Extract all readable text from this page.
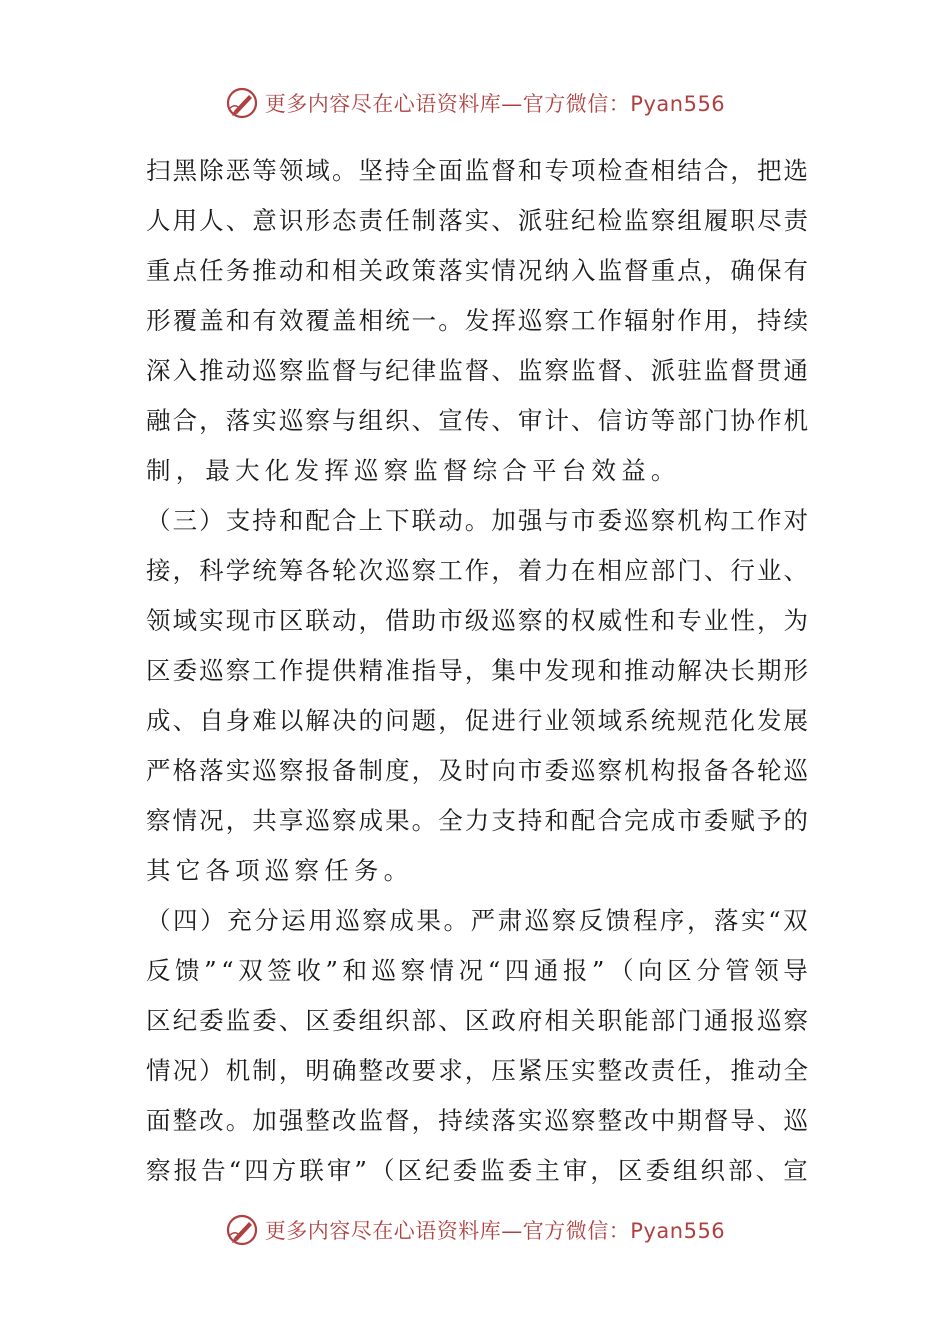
更多内容尽在心语资料库—官方微信：Pyan556
扫 黑 除 恶 等 领 域 。 坚 持 全 面 监 督 和 专 项 检 查 相 结 合 ， 把 选
人 用 人 、 意 识 形 态 责 任 制 落 实 、 派 驻 纪 检 监 察 组 履 职 尽 责
重 点 任 务 推 动 和 相 关 政 策 落 实 情 况 纳 入 监 督 重 点 ， 确 保 有
形 覆 盖 和 有 效 覆 盖 相 统 一 。 发 挥 巡 察 工 作 辐 射 作 用 ， 持 续
深 入 推 动 巡 察 监 督 与 纪 律 监 督 、 监 察 监 督 、 派 驻 监 督 贯 通
融 合 ， 落 实 巡 察 与 组 织 、 宣 传 、 审 计 、 信 访 等 部 门 协 作 机
制，最大化发挥巡察监督综合平台效益。
（ 三 ） 支 持 和 配 合 上 下 联 动 。 加 强 与 市 委 巡 察 机 构 工 作 对
接 ， 科 学 统 筹 各 轮 次 巡 察 工 作 ， 着 力 在 相 应 部 门 、 行 业 、
领 域 实 现 市 区 联 动 ， 借 助 市 级 巡 察 的 权 威 性 和 专 业 性 ， 为
区 委 巡 察 工 作 提 供 精 准 指 导 ， 集 中 发 现 和 推 动 解 决 长 期 形
成 、 自 身 难 以 解 决 的 问 题 ， 促 进 行 业 领 域 系 统 规 范 化 发 展
严 格 落 实 巡 察 报 备 制 度 ， 及 时 向 市 委 巡 察 机 构 报 备 各 轮 巡
察 情 况 ， 共 享 巡 察 成 果 。 全 力 支 持 和 配 合 完 成 市 委 赋 予 的
其它各项巡察任务。
（ 四 ） 充 分 运 用 巡 察 成 果 。 严 肃 巡 察 反 馈 程 序 ， 落 实 “ 双
反 馈 ” “ 双 签 收 ” 和 巡 察 情 况 “ 四 通 报 ” （ 向 区 分 管 领 导
区 纪 委 监 委 、 区 委 组 织 部 、 区 政 府 相 关 职 能 部 门 通 报 巡 察
情 况 ） 机 制 ， 明 确 整 改 要 求 ， 压 紧 压 实 整 改 责 任 ， 推 动 全
面 整 改 。 加 强 整 改 监 督 ， 持 续 落 实 巡 察 整 改 中 期 督 导 、 巡
察 报 告 “ 四 方 联 审 ” （ 区 纪 委 监 委 主 审 ， 区 委 组 织 部 、 宣
更多内容尽在心语资料库—官方微信：Pyan556
